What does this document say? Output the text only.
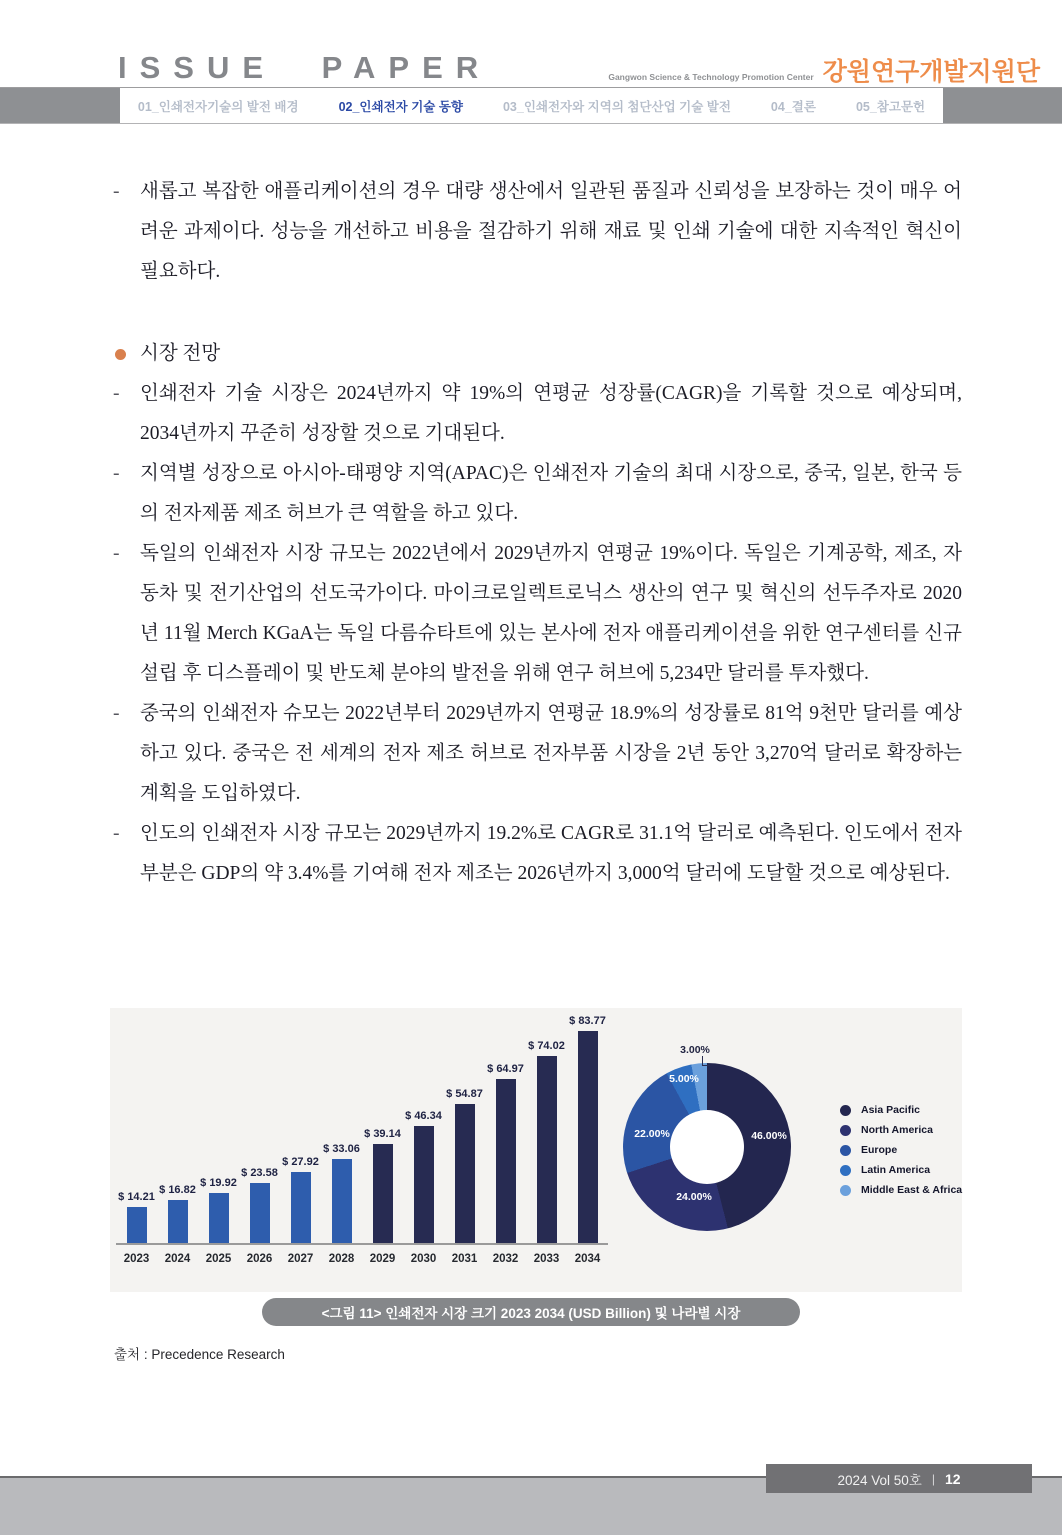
ISSUE PAPER	Gangwon Science & Technology Promotion Center 강원연구개발지원단
01_인쇄전자기술의 발전 배경	02_인쇄전자 기술 동향	03_인쇄전자와 지역의 첨단산업 기술 발전	04_결론	05_참고문헌
- 새롭고 복잡한 애플리케이션의 경우 대량 생산에서 일관된 품질과 신뢰성을 보장하는 것이 매우 어려운 과제이다. 성능을 개선하고 비용을 절감하기 위해 재료 및 인쇄 기술에 대한 지속적인 혁신이 필요하다.
시장 전망
- 인쇄전자 기술 시장은 2024년까지 약 19%의 연평균 성장률(CAGR)을 기록할 것으로 예상되며, 2034년까지 꾸준히 성장할 것으로 기대된다.
- 지역별 성장으로 아시아-태평양 지역(APAC)은 인쇄전자 기술의 최대 시장으로, 중국, 일본, 한국 등의 전자제품 제조 허브가 큰 역할을 하고 있다.
- 독일의 인쇄전자 시장 규모는 2022년에서 2029년까지 연평균 19%이다. 독일은 기계공학, 제조, 자동차 및 전기산업의 선도국가이다. 마이크로일렉트로닉스 생산의 연구 및 혁신의 선두주자로 2020년 11월 Merch KGaA는 독일 다름슈타트에 있는 본사에 전자 애플리케이션을 위한 연구센터를 신규 설립 후 디스플레이 및 반도체 분야의 발전을 위해 연구 허브에 5,234만 달러를 투자했다.
- 중국의 인쇄전자 슈모는 2022년부터 2029년까지 연평균 18.9%의 성장률로 81억 9천만 달러를 예상하고 있다. 중국은 전 세계의 전자 제조 허브로 전자부품 시장을 2년 동안 3,270억 달러로 확장하는 계획을 도입하였다.
- 인도의 인쇄전자 시장 규모는 2029년까지 19.2%로 CAGR로 31.1억 달러로 예측된다. 인도에서 전자 부분은 GDP의 약 3.4%를 기여해 전자 제조는 2026년까지 3,000억 달러에 도달할 것으로 예상된다.
$ 14.21
$ 16.82
$ 19.92
$ 23.58
$ 27.92
$ 33.06
$ 39.14
$ 46.34
$ 54.87
$ 64.97
$ 74.02
$ 83.77
2023	2024	2025	2026	2027	2028	2029	2030	2031	2032	2033	2034
46.00%
24.00%
22.00%
5.00%
3.00%
Asia Pacific
North America
Europe
Latin America
Middle East & Africa
<그림 11> 인쇄전자 시장 크기 2023 2034 (USD Billion) 및 나라별 시장
출처 : Precedence Research
2024 Vol 50호 | 12
